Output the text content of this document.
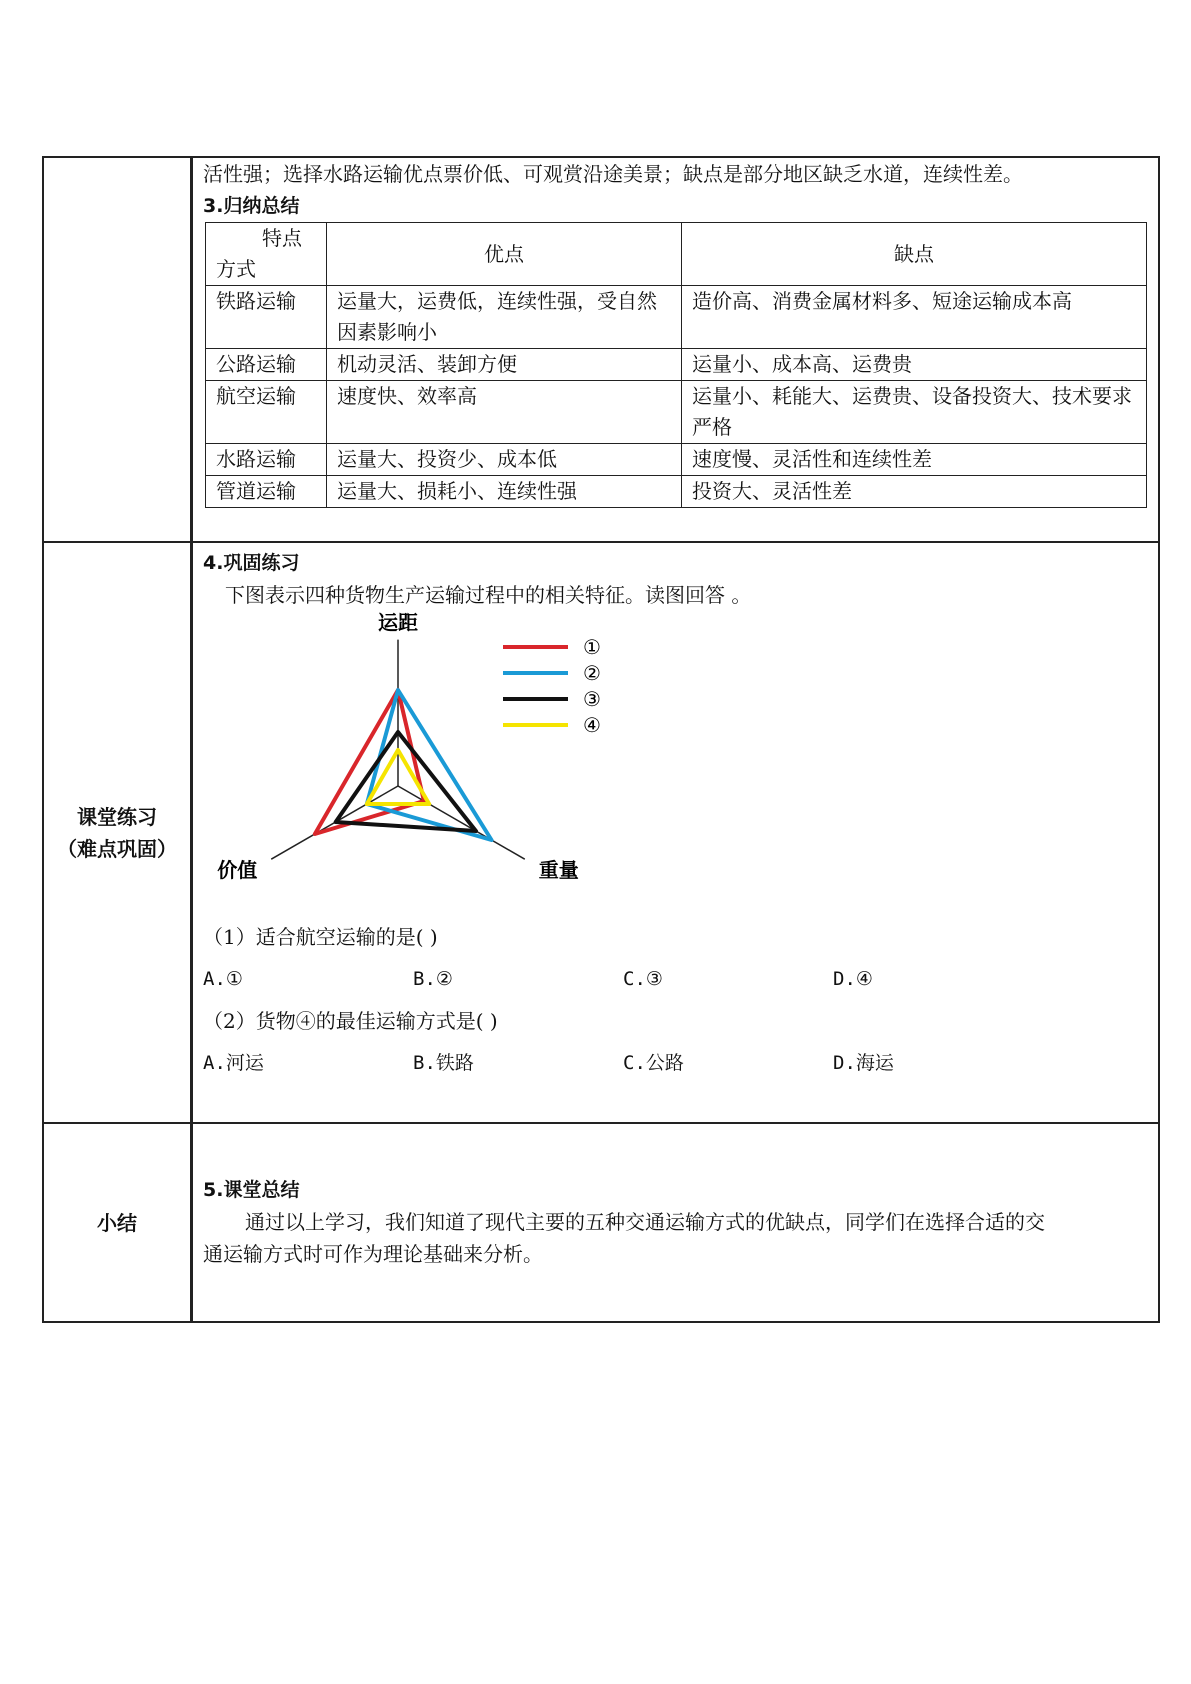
活性强；选择水路运输优点票价低、可观赏沿途美景；缺点是部分地区缺乏水道，连续性差。
3.归纳总结
特点
方式	优点	缺点
铁路运输	运量大，运费低，连续性强，受自然因素影响小	造价高、消费金属材料多、短途运输成本高
公路运输	机动灵活、装卸方便	运量小、成本高、运费贵
航空运输	速度快、效率高	运量小、耗能大、运费贵、设备投资大、技术要求严格
水路运输	运量大、投资少、成本低	速度慢、灵活性和连续性差
管道运输	运量大、损耗小、连续性强	投资大、灵活性差
课堂练习
（难点巩固）
4.巩固练习
下图表示四种货物生产运输过程中的相关特征。读图回答 。
运距
重量
价值
①
②
③
④
（1）适合航空运输的是( )
A.①	B.②	C.③	D.④
（2）货物④的最佳运输方式是( )
A.河运	B.铁路	C.公路	D.海运
小结
5.课堂总结
通过以上学习，我们知道了现代主要的五种交通运输方式的优缺点，同学们在选择合适的交
通运输方式时可作为理论基础来分析。
